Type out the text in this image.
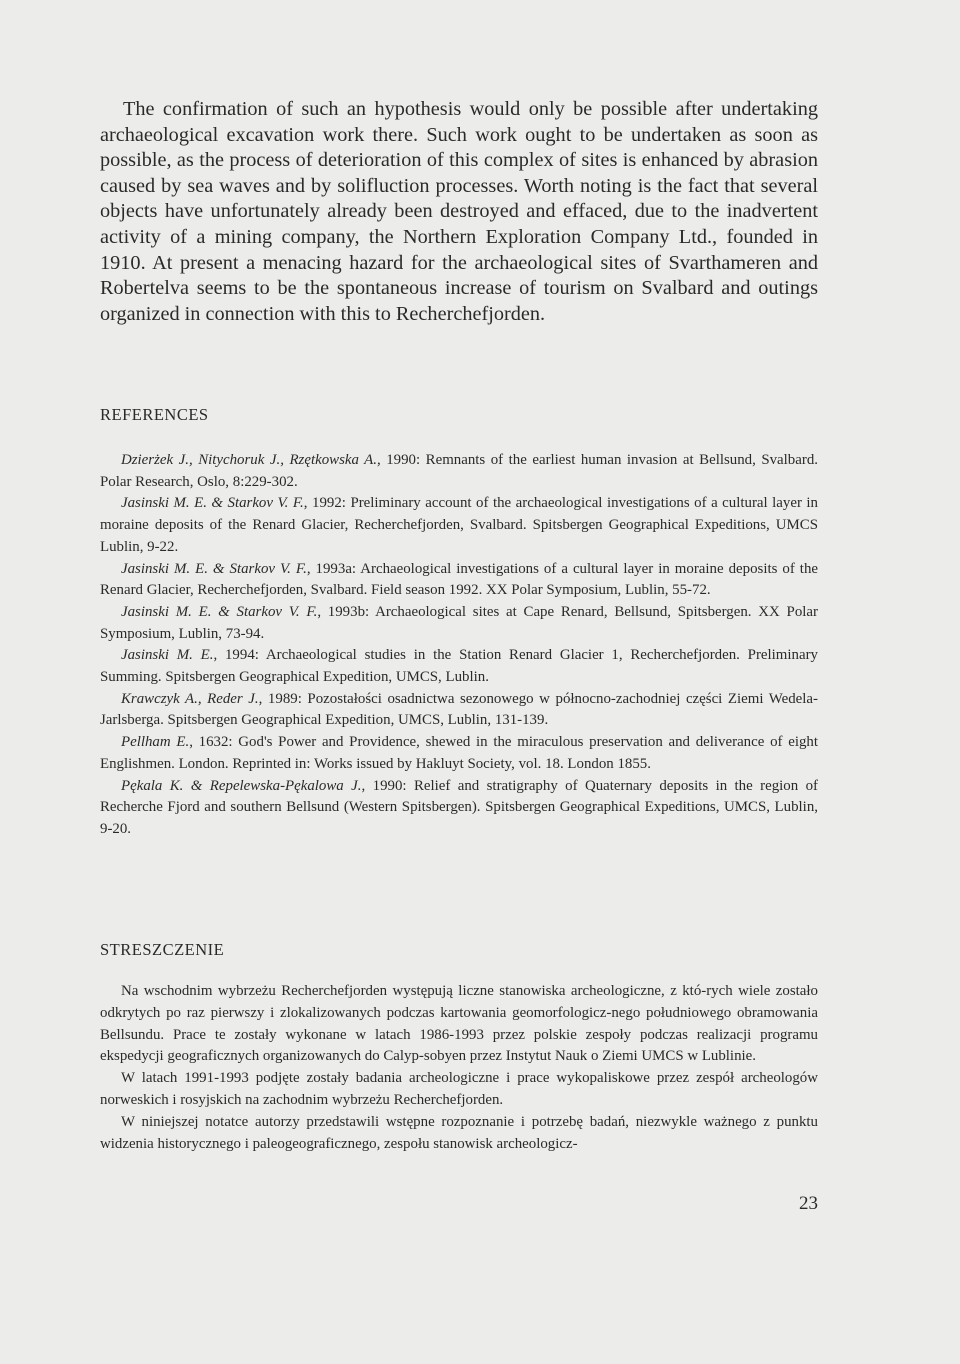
The confirmation of such an hypothesis would only be possible after undertaking archaeological excavation work there. Such work ought to be undertaken as soon as possible, as the process of deterioration of this complex of sites is enhanced by abrasion caused by sea waves and by solifluction processes. Worth noting is the fact that several objects have unfortunately already been destroyed and effaced, due to the inadvertent activity of a mining company, the Northern Exploration Company Ltd., founded in 1910. At present a menacing hazard for the archaeological sites of Svarthameren and Robertelva seems to be the spontaneous increase of tourism on Svalbard and outings organized in connection with this to Recherchefjorden.

REFERENCES

Dzierżek J., Nitychoruk J., Rzętkowska A., 1990: Remnants of the earliest human invasion at Bellsund, Svalbard. Polar Research, Oslo, 8:229-302.

Jasinski M. E. & Starkov V. F., 1992: Preliminary account of the archaeological investigations of a cultural layer in moraine deposits of the Renard Glacier, Recherchefjorden, Svalbard. Spitsbergen Geographical Expeditions, UMCS Lublin, 9-22.

Jasinski M. E. & Starkov V. F., 1993a: Archaeological investigations of a cultural layer in moraine deposits of the Renard Glacier, Recherchefjorden, Svalbard. Field season 1992. XX Polar Symposium, Lublin, 55-72.

Jasinski M. E. & Starkov V. F., 1993b: Archaeological sites at Cape Renard, Bellsund, Spitsbergen. XX Polar Symposium, Lublin, 73-94.

Jasinski M. E., 1994: Archaeological studies in the Station Renard Glacier 1, Recherchefjorden. Preliminary Summing. Spitsbergen Geographical Expedition, UMCS, Lublin.

Krawczyk A., Reder J., 1989: Pozostałości osadnictwa sezonowego w północno-zachodniej części Ziemi Wedela-Jarlsberga. Spitsbergen Geographical Expedition, UMCS, Lublin, 131-139.

Pellham E., 1632: God's Power and Providence, shewed in the miraculous preservation and deliverance of eight Englishmen. London. Reprinted in: Works issued by Hakluyt Society, vol. 18. London 1855.

Pękala K. & Repelewska-Pękalowa J., 1990: Relief and stratigraphy of Quaternary deposits in the region of Recherche Fjord and southern Bellsund (Western Spitsbergen). Spitsbergen Geographical Expeditions, UMCS, Lublin, 9-20.

STRESZCZENIE

Na wschodnim wybrzeżu Recherchefjorden występują liczne stanowiska archeologiczne, z któ-rych wiele zostało odkrytych po raz pierwszy i zlokalizowanych podczas kartowania geomorfologicz-nego południowego obramowania Bellsundu. Prace te zostały wykonane w latach 1986-1993 przez polskie zespoły podczas realizacji programu ekspedycji geograficznych organizowanych do Calyp-sobyen przez Instytut Nauk o Ziemi UMCS w Lublinie.

W latach 1991-1993 podjęte zostały badania archeologiczne i prace wykopaliskowe przez zespół archeologów norweskich i rosyjskich na zachodnim wybrzeżu Recherchefjorden.

W niniejszej notatce autorzy przedstawili wstępne rozpoznanie i potrzebę badań, niezwykle ważnego z punktu widzenia historycznego i paleogeograficznego, zespołu stanowisk archeologicz-

23
